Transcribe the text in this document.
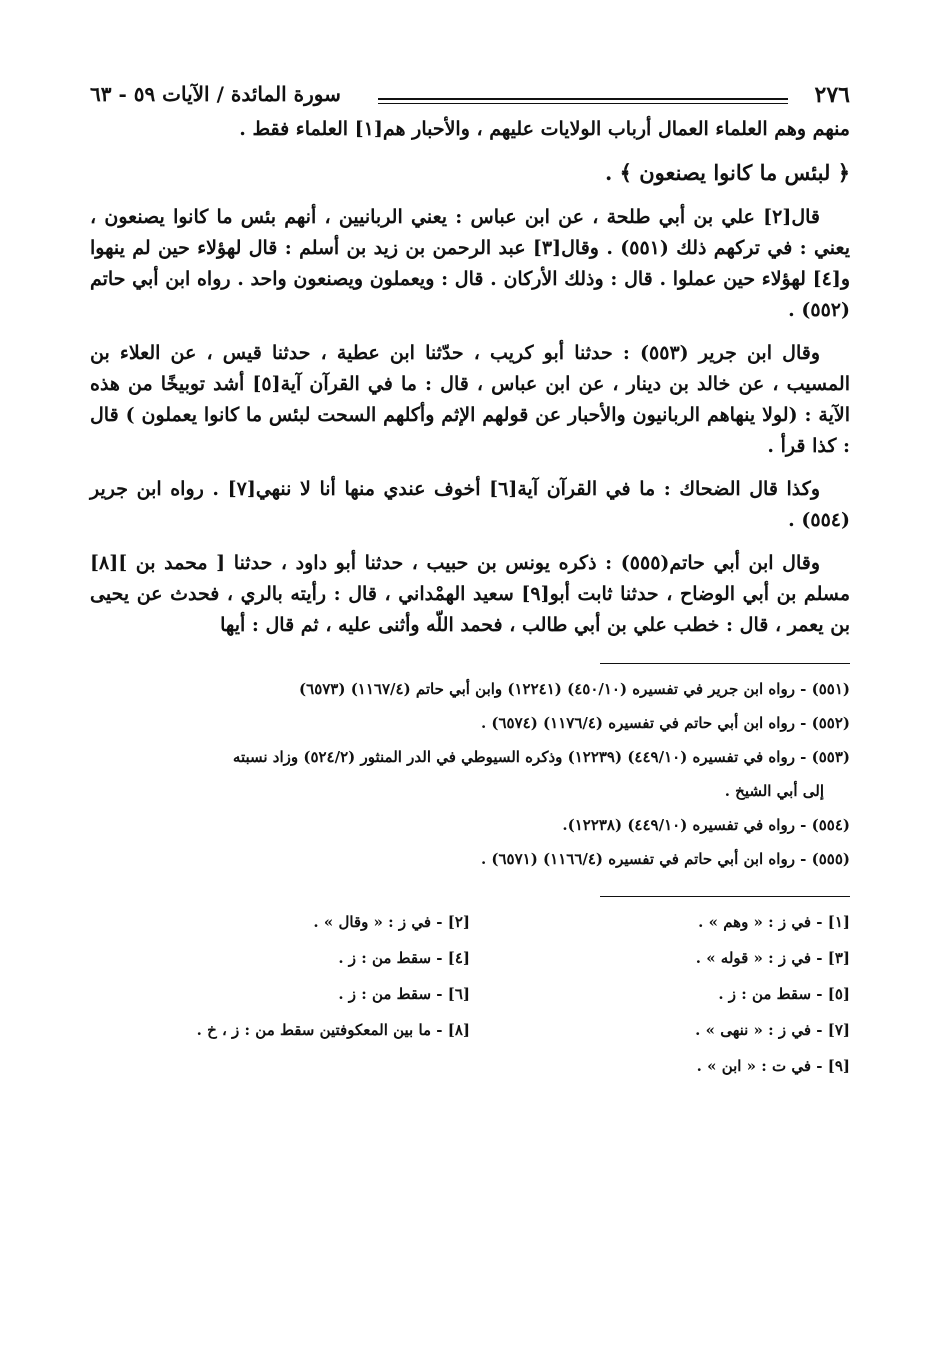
٢٧٦
سورة المائدة / الآيات ٥٩ - ٦٣

منهم وهم العلماء العمال أرباب الولايات عليهم ، والأحبار هم[١] العلماء فقط .

﴿ لبئس ما كانوا يصنعون ﴾ .

قال[٢] علي بن أبي طلحة ، عن ابن عباس : يعني الربانيين ، أنهم بئس ما كانوا يصنعون ، يعني : في تركهم ذلك (٥٥١) . وقال[٣] عبد الرحمن بن زيد بن أسلم : قال لهؤلاء حين لم ينهوا و[٤] لهؤلاء حين عملوا . قال : وذلك الأركان . قال : ويعملون ويصنعون واحد . رواه ابن أبي حاتم (٥٥٢) .

وقال ابن جرير (٥٥٣) : حدثنا أبو كريب ، حدّثنا ابن عطية ، حدثنا قيس ، عن العلاء بن المسيب ، عن خالد بن دينار ، عن ابن عباس ، قال : ما في القرآن آية[٥] أشد توبيخًا من هذه الآية : (لولا ينهاهم الربانيون والأحبار عن قولهم الإثم وأكلهم السحت لبئس ما كانوا يعملون ) قال : كذا قرأ .

وكذا قال الضحاك : ما في القرآن آية[٦] أخوف عندي منها أنا لا ننهي[٧] . رواه ابن جرير (٥٥٤) .

وقال ابن أبي حاتم(٥٥٥) : ذكره يونس بن حبيب ، حدثنا أبو داود ، حدثنا [ محمد بن ][٨] مسلم بن أبي الوضاح ، حدثنا ثابت أبو[٩] سعيد الهمْداني ، قال : رأيته بالري ، فحدث عن يحيى بن يعمر ، قال : خطب علي بن أبي طالب ، فحمد اللّه وأثنى عليه ، ثم قال : أيها

(٥٥١) - رواه ابن جرير في تفسيره (٤٥٠/١٠) (١٢٢٤١) وابن أبي حاتم (١١٦٧/٤) (٦٥٧٣)

(٥٥٢) - رواه ابن أبي حاتم في تفسيره (١١٧٦/٤) (٦٥٧٤) .

(٥٥٣) - رواه في تفسيره (٤٤٩/١٠) (١٢٢٣٩) وذكره السيوطي في الدر المنثور (٥٢٤/٢) وزاد نسبته

إلى أبي الشيخ .

(٥٥٤) - رواه في تفسيره (٤٤٩/١٠) (١٢٢٣٨).

(٥٥٥) - رواه ابن أبي حاتم في تفسيره (١١٦٦/٤) (٦٥٧١) .

[١] - في ز : « وهم » .
[٢] - في ز : « وقال » .
[٣] - في ز : « قوله » .
[٤] - سقط من : ز .
[٥] - سقط من : ز .
[٦] - سقط من : ز .
[٧] - في ز : « ننهى » .
[٨] - ما بين المعكوفتين سقط من : ز ، خ .
[٩] - في ت : « ابن » .
